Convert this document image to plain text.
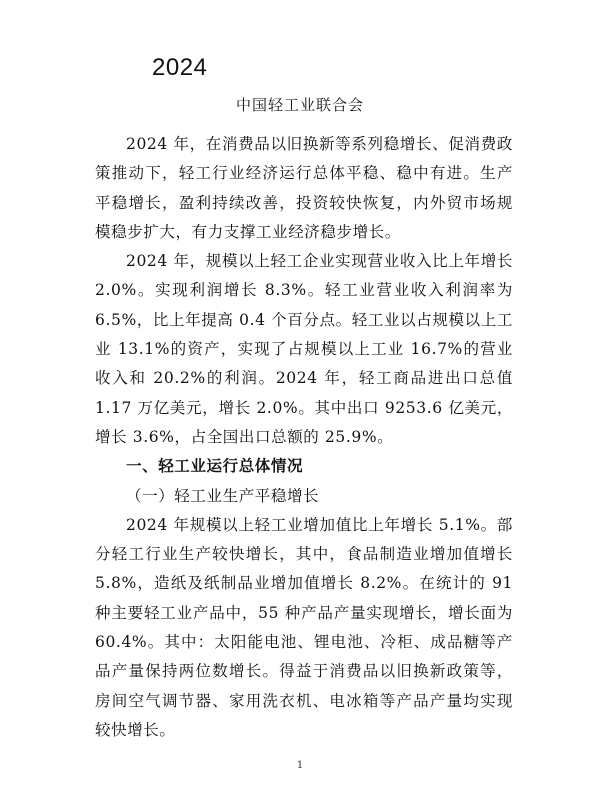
2024
中国轻工业联合会

2024 年，在消费品以旧换新等系列稳增长、促消费政策推动下，轻工行业经济运行总体平稳、稳中有进。生产平稳增长，盈利持续改善，投资较快恢复，内外贸市场规模稳步扩大，有力支撑工业经济稳步增长。

2024 年，规模以上轻工企业实现营业收入比上年增长 2.0%。实现利润增长 8.3%。轻工业营业收入利润率为 6.5%，比上年提高 0.4 个百分点。轻工业以占规模以上工业 13.1%的资产，实现了占规模以上工业 16.7%的营业收入和 20.2%的利润。2024 年，轻工商品进出口总值 1.17 万亿美元，增长 2.0%。其中出口 9253.6 亿美元，增长 3.6%，占全国出口总额的 25.9%。

一、轻工业运行总体情况

（一）轻工业生产平稳增长

2024 年规模以上轻工业增加值比上年增长 5.1%。部分轻工行业生产较快增长，其中，食品制造业增加值增长 5.8%，造纸及纸制品业增加值增长 8.2%。在统计的 91 种主要轻工业产品中，55 种产品产量实现增长，增长面为 60.4%。其中：太阳能电池、锂电池、冷柜、成品糖等产品产量保持两位数增长。得益于消费品以旧换新政策等，房间空气调节器、家用洗衣机、电冰箱等产品产量均实现较快增长。

1
